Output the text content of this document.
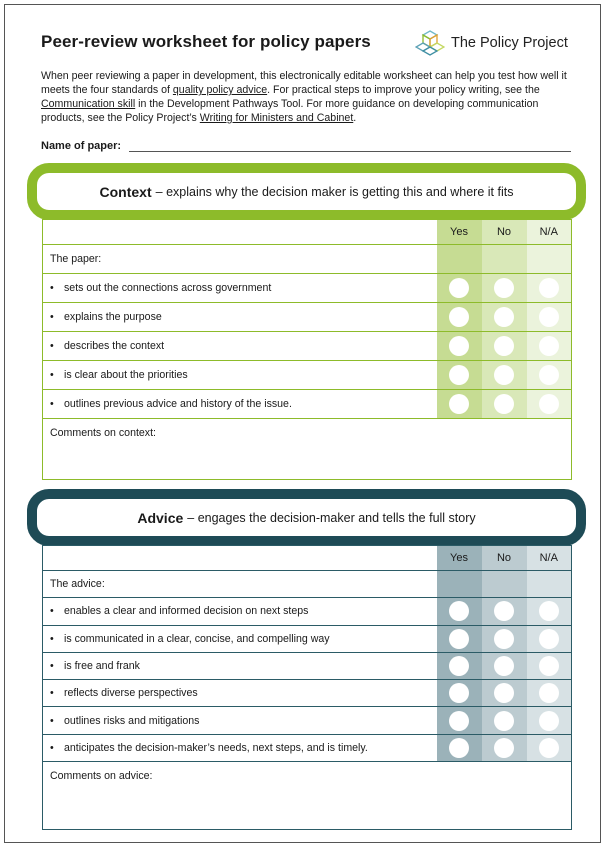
Peer-review worksheet for policy papers	The Policy Project
When peer reviewing a paper in development, this electronically editable worksheet can help you test how well it meets the four standards of quality policy advice. For practical steps to improve your policy writing, see the Communication skill in the Development Pathways Tool. For more guidance on developing communication products, see the Policy Project’s Writing for Ministers and Cabinet.
Name of paper:
Context – explains why the decision maker is getting this and where it fits
	Yes	No	N/A
The paper:			
• sets out the connections across government			
• explains the purpose			
• describes the context			
• is clear about the priorities			
• outlines previous advice and history of the issue.			
Comments on context:			
Advice – engages the decision-maker and tells the full story
	Yes	No	N/A
The advice:			
• enables a clear and informed decision on next steps			
• is communicated in a clear, concise, and compelling way			
• is free and frank			
• reflects diverse perspectives			
• outlines risks and mitigations			
• anticipates the decision-maker’s needs, next steps, and is timely.			
Comments on advice:			
